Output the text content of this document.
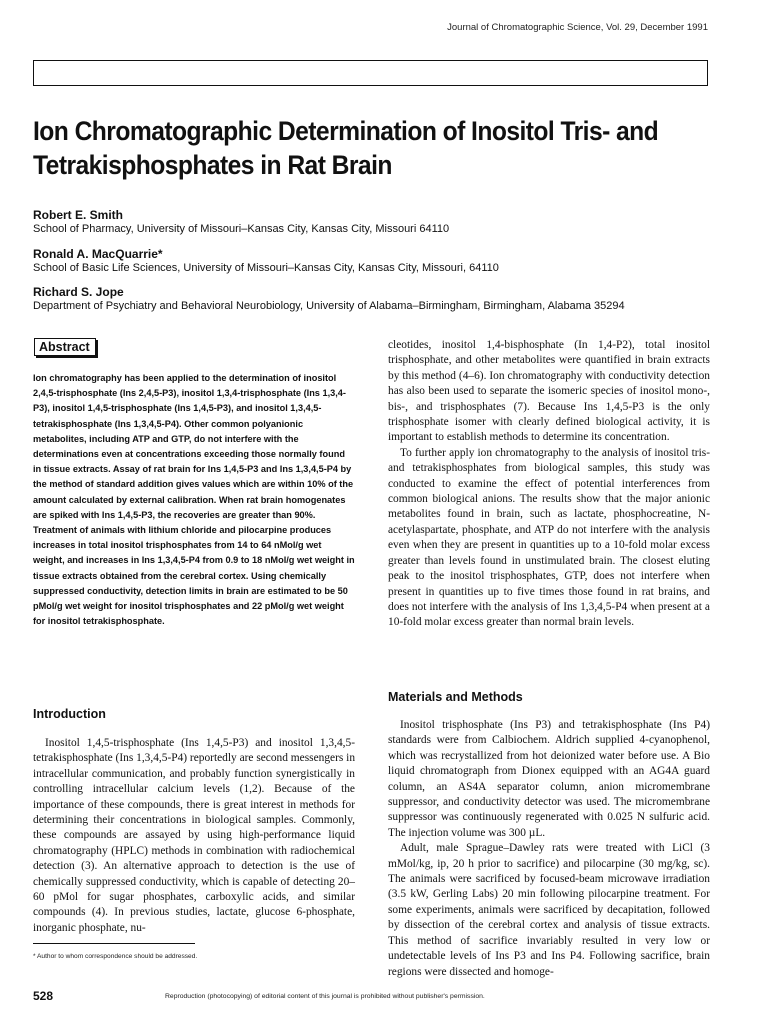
Journal of Chromatographic Science, Vol. 29, December 1991
Ion Chromatographic Determination of Inositol Tris- and
Tetrakisphosphates in Rat Brain
Robert E. Smith
School of Pharmacy, University of Missouri–Kansas City, Kansas City, Missouri 64110
Ronald A. MacQuarrie*
School of Basic Life Sciences, University of Missouri–Kansas City, Kansas City, Missouri, 64110
Richard S. Jope
Department of Psychiatry and Behavioral Neurobiology, University of Alabama–Birmingham, Birmingham, Alabama 35294
Abstract
Ion chromatography has been applied to the determination of inositol 2,4,5-trisphosphate (Ins 2,4,5-P3), inositol 1,3,4-trisphosphate (Ins 1,3,4-P3), inositol 1,4,5-trisphosphate (Ins 1,4,5-P3), and inositol 1,3,4,5-tetrakisphosphate (Ins 1,3,4,5-P4). Other common polyanionic metabolites, including ATP and GTP, do not interfere with the determinations even at concentrations exceeding those normally found in tissue extracts. Assay of rat brain for Ins 1,4,5-P3 and Ins 1,3,4,5-P4 by the method of standard addition gives values which are within 10% of the amount calculated by external calibration. When rat brain homogenates are spiked with Ins 1,4,5-P3, the recoveries are greater than 90%. Treatment of animals with lithium chloride and pilocarpine produces increases in total inositol trisphosphates from 14 to 64 nMol/g wet weight, and increases in Ins 1,3,4,5-P4 from 0.9 to 18 nMol/g wet weight in tissue extracts obtained from the cerebral cortex. Using chemically suppressed conductivity, detection limits in brain are estimated to be 50 pMol/g wet weight for inositol trisphosphates and 22 pMol/g wet weight for inositol tetrakisphosphate.

cleotides, inositol 1,4-bisphosphate (In 1,4-P2), total inositol trisphosphate, and other metabolites were quantified in brain extracts by this method (4–6). Ion chromatography with conductivity detection has also been used to separate the isomeric species of inositol mono-, bis-, and trisphosphates (7). Because Ins 1,4,5-P3 is the only trisphosphate isomer with clearly defined biological activity, it is important to establish methods to determine its concentration.

To further apply ion chromatography to the analysis of inositol tris- and tetrakisphosphates from biological samples, this study was conducted to examine the effect of potential interferences from common biological anions. The results show that the major anionic metabolites found in brain, such as lactate, phosphocreatine, N-acetylaspartate, phosphate, and ATP do not interfere with the analysis even when they are present in quantities up to a 10-fold molar excess greater than levels found in unstimulated brain. The closest eluting peak to the inositol trisphosphates, GTP, does not interfere when present in quantities up to five times those found in rat brains, and does not interfere with the analysis of Ins 1,3,4,5-P4 when present at a 10-fold molar excess greater than normal brain levels.

Introduction

Inositol 1,4,5-trisphosphate (Ins 1,4,5-P3) and inositol 1,3,4,5-tetrakisphosphate (Ins 1,3,4,5-P4) reportedly are second messengers in intracellular communication, and probably function synergistically in controlling intracellular calcium levels (1,2). Because of the importance of these compounds, there is great interest in methods for determining their concentrations in biological samples. Commonly, these compounds are assayed by using high-performance liquid chromatography (HPLC) methods in combination with radiochemical detection (3). An alternative approach to detection is the use of chemically suppressed conductivity, which is capable of detecting 20–60 pMol for sugar phosphates, carboxylic acids, and similar compounds (4). In previous studies, lactate, glucose 6-phosphate, inorganic phosphate, nu-

Materials and Methods

Inositol trisphosphate (Ins P3) and tetrakisphosphate (Ins P4) standards were from Calbiochem. Aldrich supplied 4-cyanophenol, which was recrystallized from hot deionized water before use. A Bio liquid chromatograph from Dionex equipped with an AG4A guard column, an AS4A separator column, anion micromembrane suppressor, and conductivity detector was used. The micromembrane suppressor was continuously regenerated with 0.025 N sulfuric acid. The injection volume was 300 µL.

Adult, male Sprague–Dawley rats were treated with LiCl (3 mMol/kg, ip, 20 h prior to sacrifice) and pilocarpine (30 mg/kg, sc). The animals were sacrificed by focused-beam microwave irradiation (3.5 kW, Gerling Labs) 20 min following pilocarpine treatment. For some experiments, animals were sacrificed by decapitation, followed by dissection of the cerebral cortex and analysis of tissue extracts. This method of sacrifice invariably resulted in very low or undetectable levels of Ins P3 and Ins P4. Following sacrifice, brain regions were dissected and homoge-

* Author to whom correspondence should be addressed.
528	Reproduction (photocopying) of editorial content of this journal is prohibited without publisher's permission.
